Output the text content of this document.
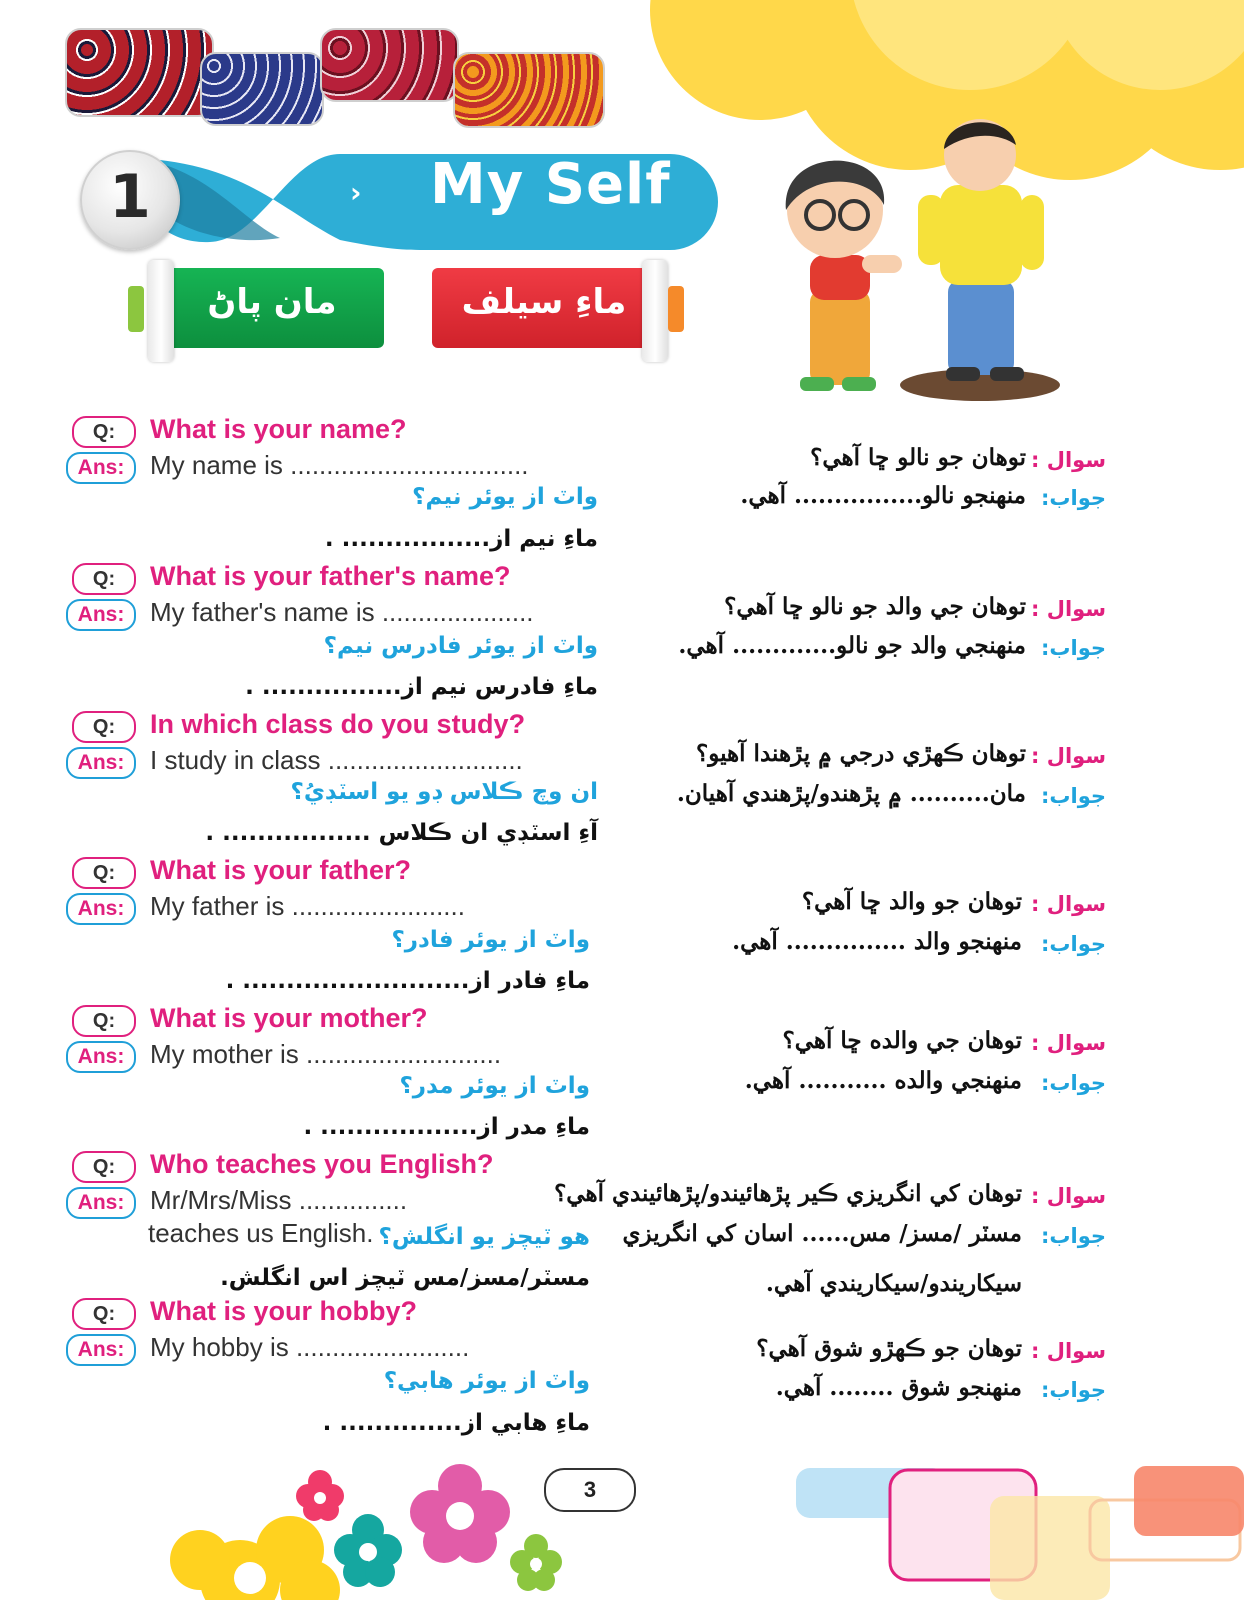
1	› My Self
مان پاڻ	ماءِ سيلف
Q:	What is your name?
Ans: My name is .................................
واٽ از يوئر نيم؟
ماءِ نيم از................. .
سوال :
توهان جو نالو ڇا آهي؟
جواب:
منهنجو نالو................ آهي.
Q:	What is your father's name?
Ans: My father's name is .....................
واٽ از يوئر فادرس نيم؟
ماءِ فادرس نيم از................ .
سوال :
توهان جي والد جو نالو ڇا آهي؟
جواب:
منهنجي والد جو نالو............. آهي.
Q:	In which class do you study?
Ans: I study in class ...........................
ان وچ ڪلاس ڊو يو اسٽڊيُ؟
آءِ اسٽڊي ان ڪلاس ................. .
سوال :
توهان ڪهڙي درجي ۾ پڙهندا آهيو؟
جواب:
مان.......... ۾ پڙهندو/پڙهندي آهيان.
Q:	What is your father?
Ans: My father is ........................
واٽ از يوئر فادر؟
ماءِ فادر از.......................... .
سوال :
توهان جو والد ڇا آهي؟
جواب:
منهنجو والد ............... آهي.
Q:	What is your mother?
Ans: My mother is ...........................
واٽ از يوئر مدر؟
ماءِ مدر از.................. .
سوال :
توهان جي والده ڇا آهي؟
جواب:
منهنجي والده ........... آهي.
Q:	Who teaches you English?
Ans: Mr/Mrs/Miss ...............
teaches us English. هو ٽيچز يو انگلش؟
مسٽر/مسز/مس ٽيچز اس انگلش.
سوال :
توهان کي انگريزي ڪير پڙهائيندو/پڙهائيندي آهي؟
جواب:
مسٽر /مسز/ مس...... اسان کي انگريزي
سيکاريندو/سيکاريندي آهي.
Q:	What is your hobby?
Ans: My hobby is ........................
واٽ از يوئر هابي؟
ماءِ هابي از.............. .
سوال :
توهان جو ڪهڙو شوق آهي؟
جواب:
منهنجو شوق ........ آهي.
3
